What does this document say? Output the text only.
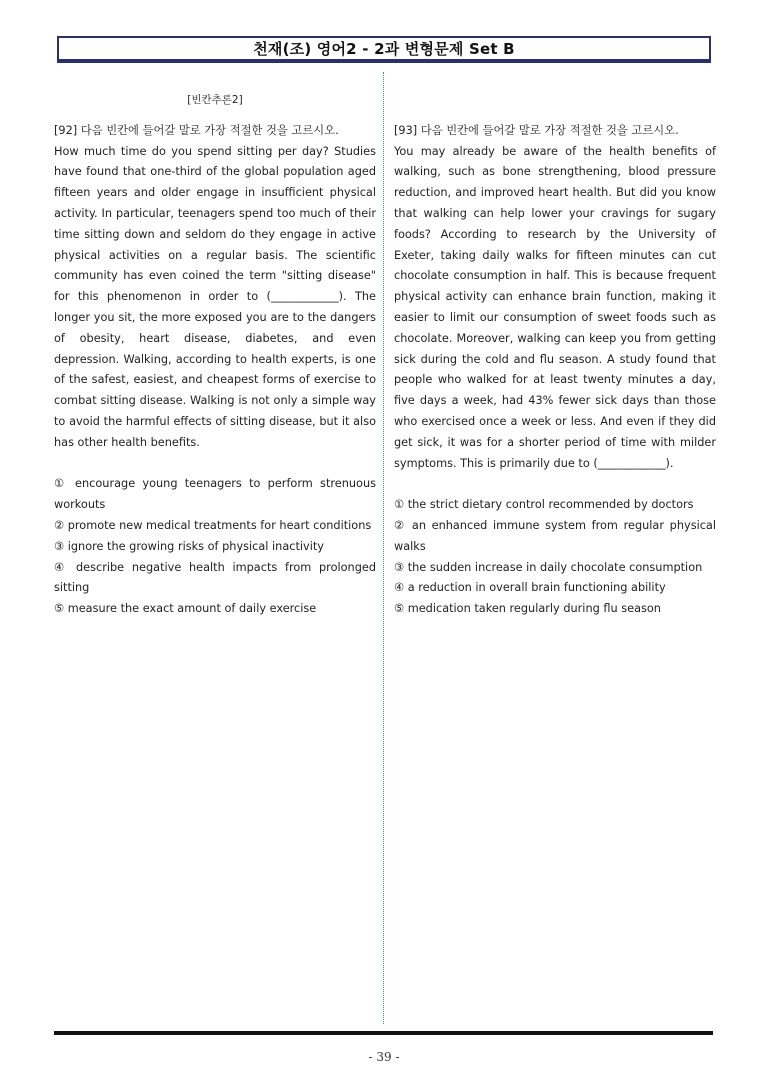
천재(조) 영어2 - 2과 변형문제 Set B
[빈칸추론2]

[92] 다음 빈칸에 들어갈 말로 가장 적절한 것을 고르시오.

How much time do you spend sitting per day? Studies have found that one-third of the global population aged fifteen years and older engage in insufficient physical activity. In particular, teenagers spend too much of their time sitting down and seldom do they engage in active physical activities on a regular basis. The scientific community has even coined the term "sitting disease" for this phenomenon in order to (____________). The longer you sit, the more exposed you are to the dangers of obesity, heart disease, diabetes, and even depression. Walking, according to health experts, is one of the safest, easiest, and cheapest forms of exercise to combat sitting disease. Walking is not only a simple way to avoid the harmful effects of sitting disease, but it also has other health benefits.

① encourage young teenagers to perform strenuous workouts
② promote new medical treatments for heart conditions
③ ignore the growing risks of physical inactivity
④ describe negative health impacts from prolonged sitting
⑤ measure the exact amount of daily exercise

[93] 다음 빈칸에 들어갈 말로 가장 적절한 것을 고르시오.

You may already be aware of the health benefits of walking, such as bone strengthening, blood pressure reduction, and improved heart health. But did you know that walking can help lower your cravings for sugary foods? According to research by the University of Exeter, taking daily walks for fifteen minutes can cut chocolate consumption in half. This is because frequent physical activity can enhance brain function, making it easier to limit our consumption of sweet foods such as chocolate. Moreover, walking can keep you from getting sick during the cold and flu season. A study found that people who walked for at least twenty minutes a day, five days a week, had 43% fewer sick days than those who exercised once a week or less. And even if they did get sick, it was for a shorter period of time with milder symptoms. This is primarily due to (____________).

① the strict dietary control recommended by doctors
② an enhanced immune system from regular physical walks
③ the sudden increase in daily chocolate consumption
④ a reduction in overall brain functioning ability
⑤ medication taken regularly during flu season
- 39 -
